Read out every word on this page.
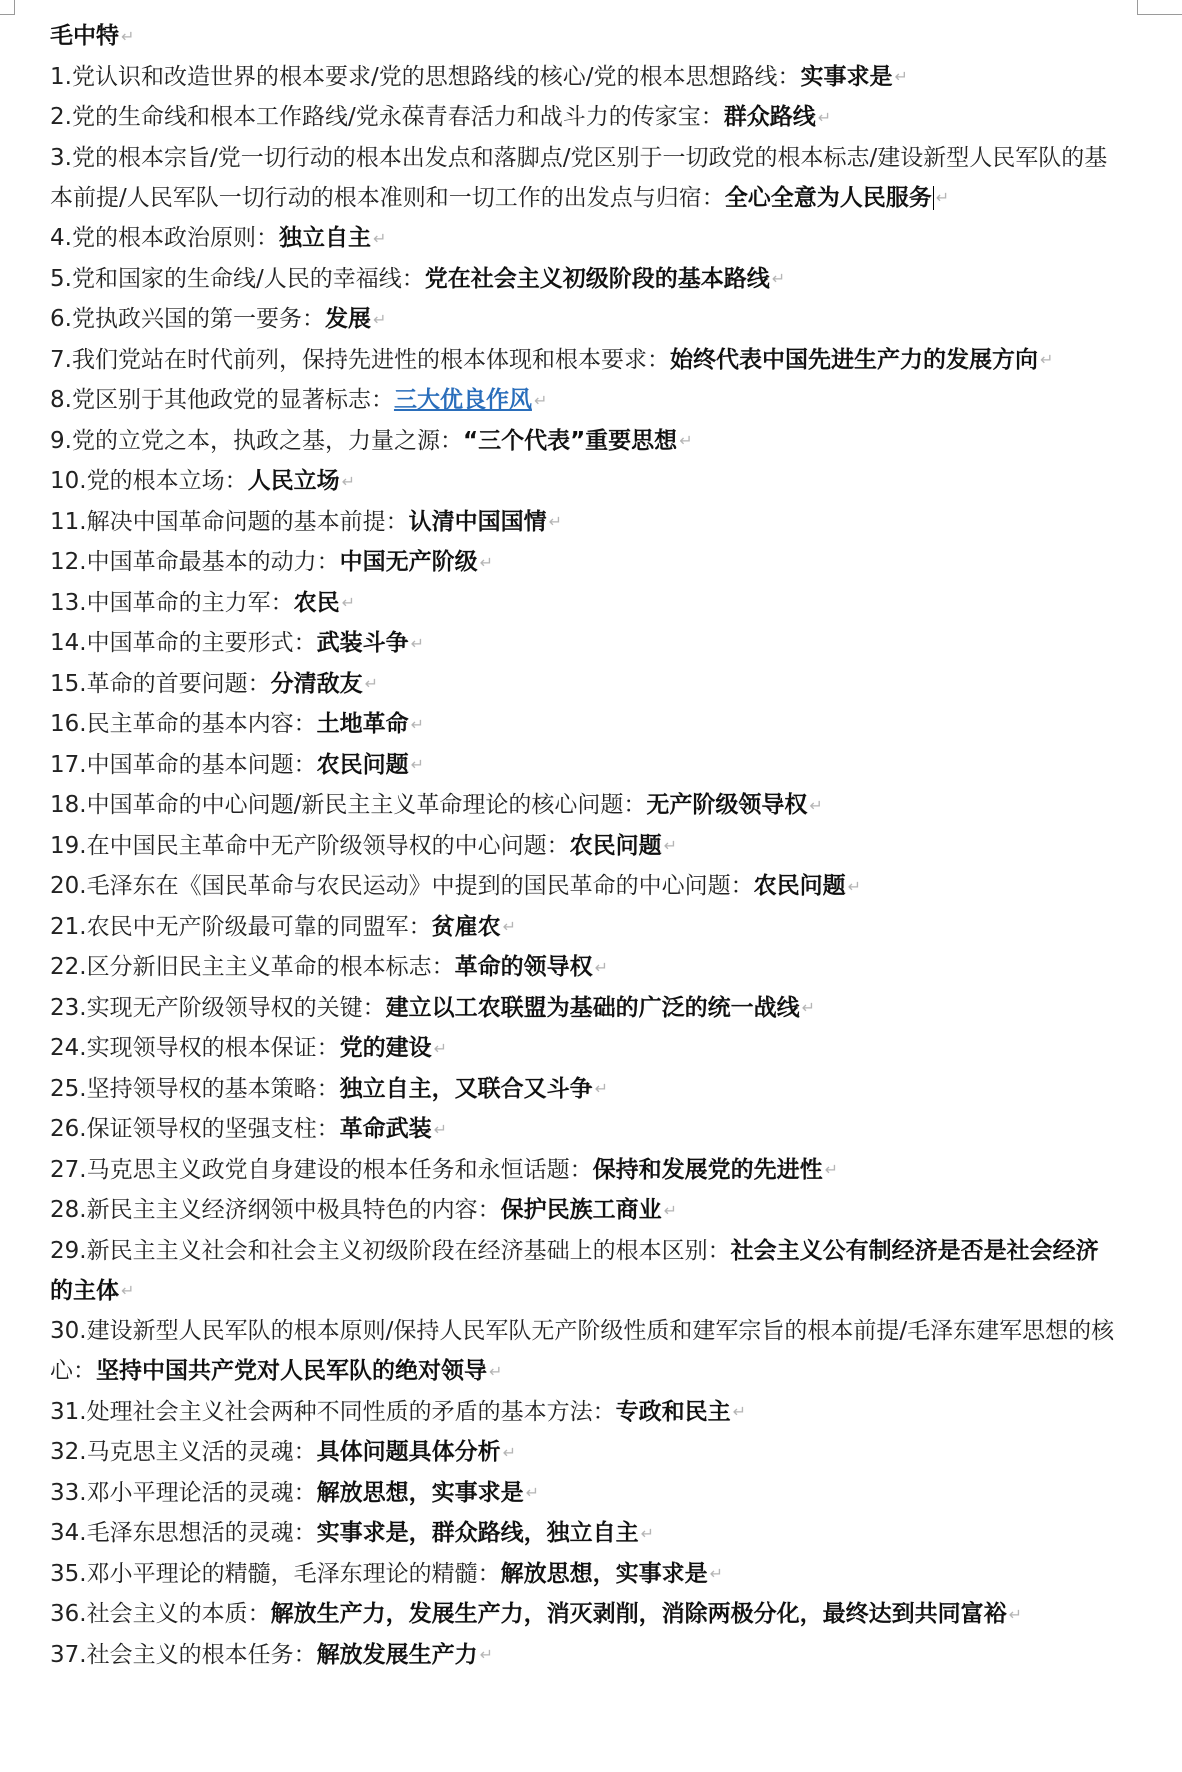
毛中特 ↵

1.党认识和改造世界的根本要求/党的思想路线的核心/党的根本思想路线：实事求是 ↵

2.党的生命线和根本工作路线/党永葆青春活力和战斗力的传家宝：群众路线 ↵

3.党的根本宗旨/党一切行动的根本出发点和落脚点/党区别于一切政党的根本标志/建设新型人民军队的基本前提/人民军队一切行动的根本准则和一切工作的出发点与归宿：全心全意为人民服务 ↵

4.党的根本政治原则：独立自主 ↵

5.党和国家的生命线/人民的幸福线：党在社会主义初级阶段的基本路线 ↵

6.党执政兴国的第一要务：发展 ↵

7.我们党站在时代前列，保持先进性的根本体现和根本要求：始终代表中国先进生产力的发展方向 ↵

8.党区别于其他政党的显著标志：三大优良作风 ↵

9.党的立党之本，执政之基，力量之源：“三个代表”重要思想 ↵

10.党的根本立场：人民立场 ↵

11.解决中国革命问题的基本前提：认清中国国情 ↵

12.中国革命最基本的动力：中国无产阶级 ↵

13.中国革命的主力军：农民 ↵

14.中国革命的主要形式：武装斗争 ↵

15.革命的首要问题：分清敌友 ↵

16.民主革命的基本内容：土地革命 ↵

17.中国革命的基本问题：农民问题 ↵

18.中国革命的中心问题/新民主主义革命理论的核心问题：无产阶级领导权 ↵

19.在中国民主革命中无产阶级领导权的中心问题：农民问题 ↵

20.毛泽东在《国民革命与农民运动》中提到的国民革命的中心问题：农民问题 ↵

21.农民中无产阶级最可靠的同盟军：贫雇农 ↵

22.区分新旧民主主义革命的根本标志：革命的领导权 ↵

23.实现无产阶级领导权的关键：建立以工农联盟为基础的广泛的统一战线 ↵

24.实现领导权的根本保证：党的建设 ↵

25.坚持领导权的基本策略：独立自主，又联合又斗争 ↵

26.保证领导权的坚强支柱：革命武装 ↵

27.马克思主义政党自身建设的根本任务和永恒话题：保持和发展党的先进性 ↵

28.新民主主义经济纲领中极具特色的内容：保护民族工商业 ↵

29.新民主主义社会和社会主义初级阶段在经济基础上的根本区别：社会主义公有制经济是否是社会经济的主体 ↵

30.建设新型人民军队的根本原则/保持人民军队无产阶级性质和建军宗旨的根本前提/毛泽东建军思想的核心：坚持中国共产党对人民军队的绝对领导 ↵

31.处理社会主义社会两种不同性质的矛盾的基本方法：专政和民主 ↵

32.马克思主义活的灵魂：具体问题具体分析 ↵

33.邓小平理论活的灵魂：解放思想，实事求是 ↵

34.毛泽东思想活的灵魂：实事求是，群众路线，独立自主 ↵

35.邓小平理论的精髓，毛泽东理论的精髓：解放思想，实事求是 ↵

36.社会主义的本质：解放生产力，发展生产力，消灭剥削，消除两极分化，最终达到共同富裕 ↵

37.社会主义的根本任务：解放发展生产力 ↵
